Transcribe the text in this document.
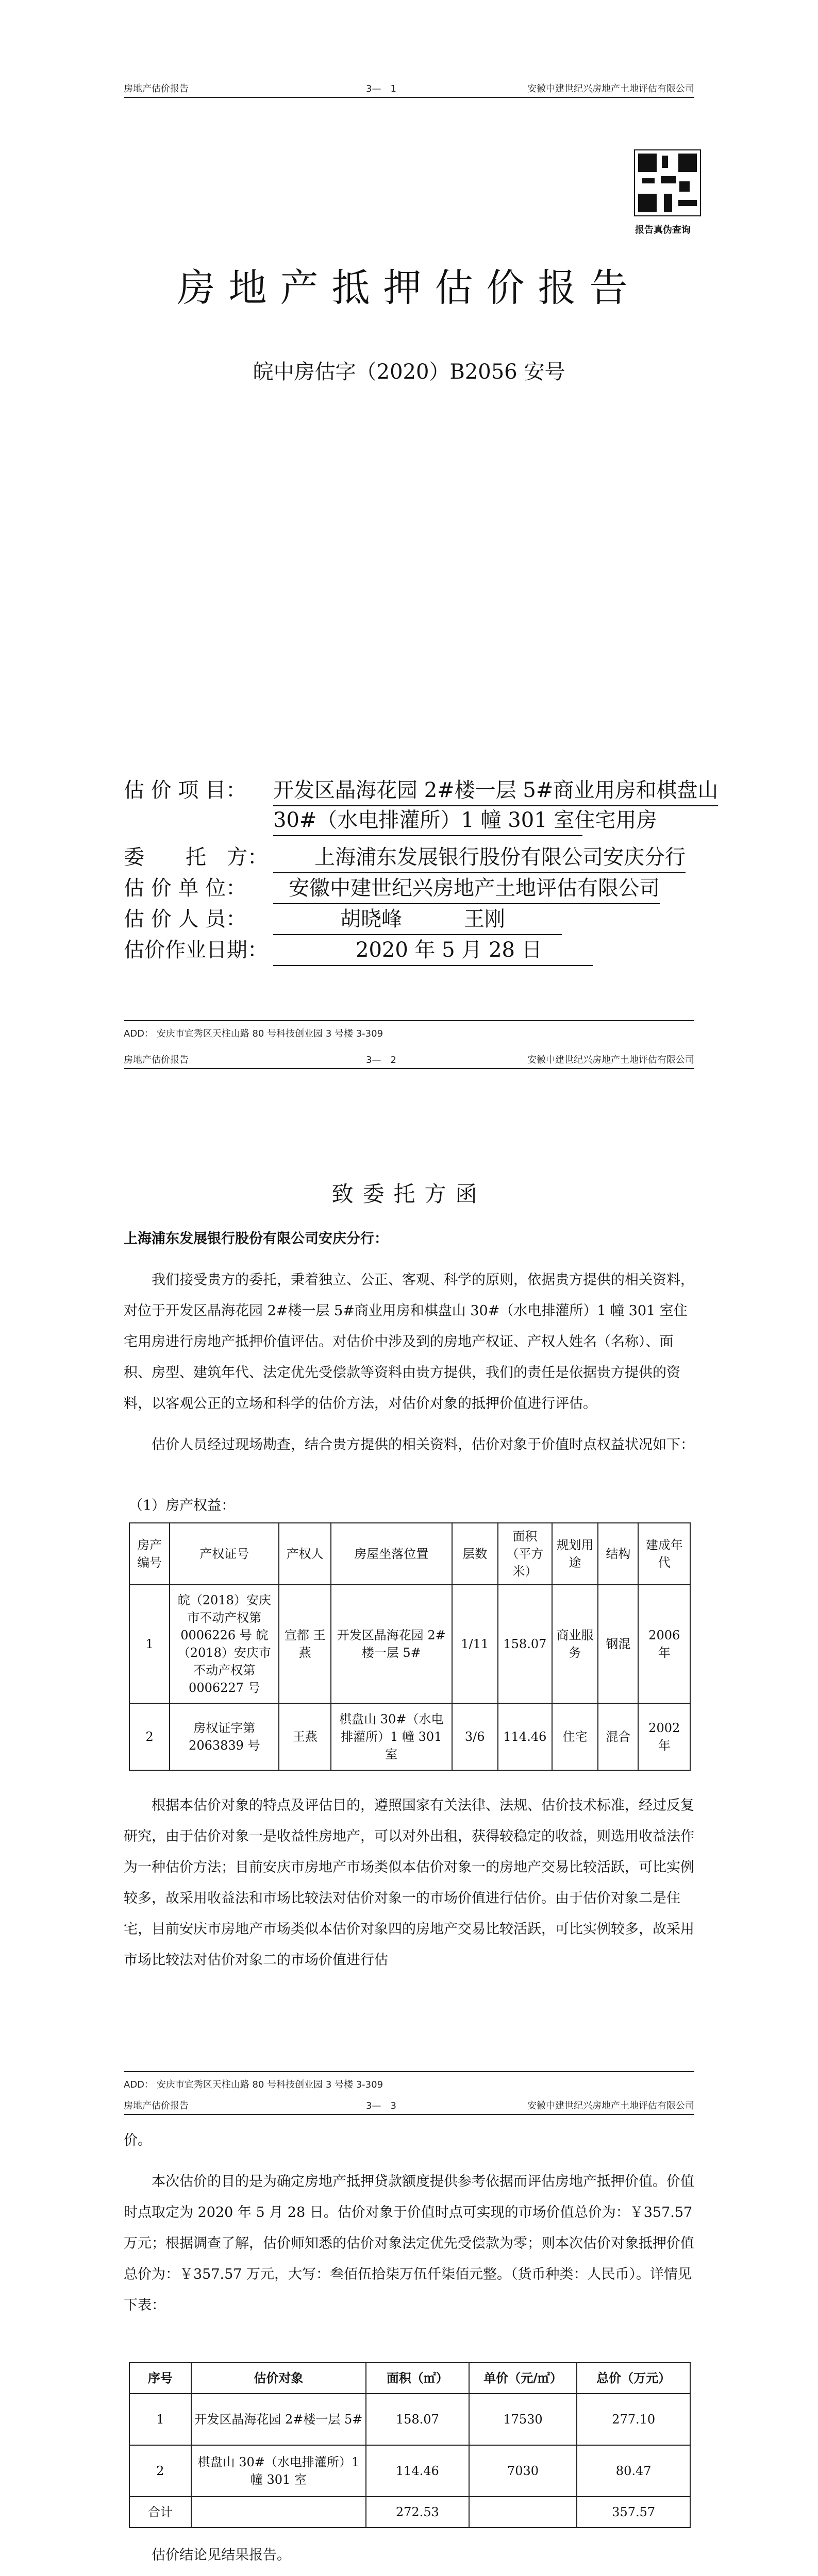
房地产估价报告	3—　1	安徽中建世纪兴房地产土地评估有限公司
报告真伪查询
房地产抵押估价报告
皖中房估字（2020）B2056 安号
估 价 项 目： 开发区晶海花园 2#楼一层 5#商业用房和棋盘山
30#（水电排灌所）1 幢 301 室住宅用房
委　　托　方：	上海浦东发展银行股份有限公司安庆分行
估 价 单 位：	安徽中建世纪兴房地产土地评估有限公司
估 价 人 员：	胡晓峰　　　王刚
估价作业日期：	2020 年 5 月 28 日
ADD： 安庆市宜秀区天柱山路 80 号科技创业园 3 号楼 3-309
房地产估价报告	3—　2	安徽中建世纪兴房地产土地评估有限公司
致委托方函
上海浦东发展银行股份有限公司安庆分行：

我们接受贵方的委托，秉着独立、公正、客观、科学的原则，依据贵方提供的相关资料，对位于开发区晶海花园 2#楼一层 5#商业用房和棋盘山 30#（水电排灌所）1 幢 301 室住宅用房进行房地产抵押价值评估。对估价中涉及到的房地产权证、产权人姓名（名称）、面积、房型、建筑年代、法定优先受偿款等资料由贵方提供，我们的责任是依据贵方提供的资料，以客观公正的立场和科学的估价方法，对估价对象的抵押价值进行评估。

估价人员经过现场勘查，结合贵方提供的相关资料，估价对象于价值时点权益状况如下：

（1）房产权益：
房产编号	产权证号	产权人	房屋坐落位置	层数	面积（平方米）	规划用途	结构	建成年代
1	皖（2018）安庆市不动产权第 0006226 号 皖（2018）安庆市不动产权第 0006227 号	宣都 王燕	开发区晶海花园 2#楼一层 5#	1/11	158.07	商业服务	钢混	2006 年
2	房权证字第 2063839 号	王燕	棋盘山 30#（水电排灌所）1 幢 301 室	3/6	114.46	住宅	混合	2002 年

根据本估价对象的特点及评估目的，遵照国家有关法律、法规、估价技术标准，经过反复研究，由于估价对象一是收益性房地产，可以对外出租，获得较稳定的收益，则选用收益法作为一种估价方法；目前安庆市房地产市场类似本估价对象一的房地产交易比较活跃，可比实例较多，故采用收益法和市场比较法对估价对象一的市场价值进行估价。由于估价对象二是住宅，目前安庆市房地产市场类似本估价对象四的房地产交易比较活跃，可比实例较多，故采用市场比较法对估价对象二的市场价值进行估

ADD： 安庆市宜秀区天柱山路 80 号科技创业园 3 号楼 3-309
房地产估价报告	3—　3	安徽中建世纪兴房地产土地评估有限公司
价。

本次估价的目的是为确定房地产抵押贷款额度提供参考依据而评估房地产抵押价值。价值时点取定为 2020 年 5 月 28 日。估价对象于价值时点可实现的市场价值总价为：￥357.57 万元；根据调查了解，估价师知悉的估价对象法定优先受偿款为零；则本次估价对象抵押价值总价为：￥357.57 万元，大写：叁佰伍拾柒万伍仟柒佰元整。（货币种类：人民币）。详情见下表：

序号	估价对象	面积（㎡）	单价（元/㎡）	总价（万元）
1	开发区晶海花园 2#楼一层 5#	158.07	17530	277.10
2	棋盘山 30#（水电排灌所）1 幢 301 室	114.46	7030	80.47
合计		272.53		357.57

估价结论见结果报告。
